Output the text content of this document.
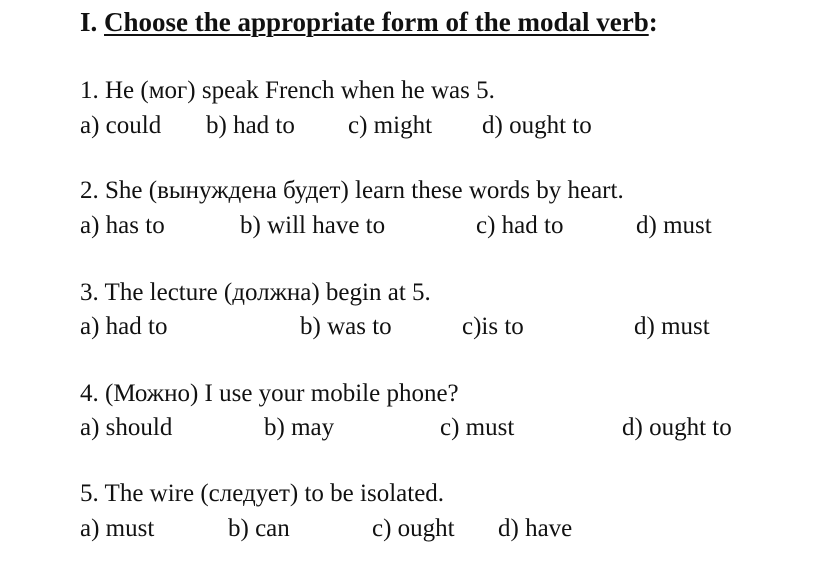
I. Choose the appropriate form of the modal verb:
1. He (мог) speak French when he was 5.
a) could b) had to c) might d) ought to
2. She (вынуждена будет) learn these words by heart.
a) has to	b) will have to	c) had to	d) must
3. The lecture (должна) begin at 5.
a) had to	b) was to	c)is to	d) must
4. (Можно) I use your mobile phone?
a) should	b) may	c) must	d) ought to
5. The wire (следует) to be isolated.
a) must	b) can	c) ought d) have
